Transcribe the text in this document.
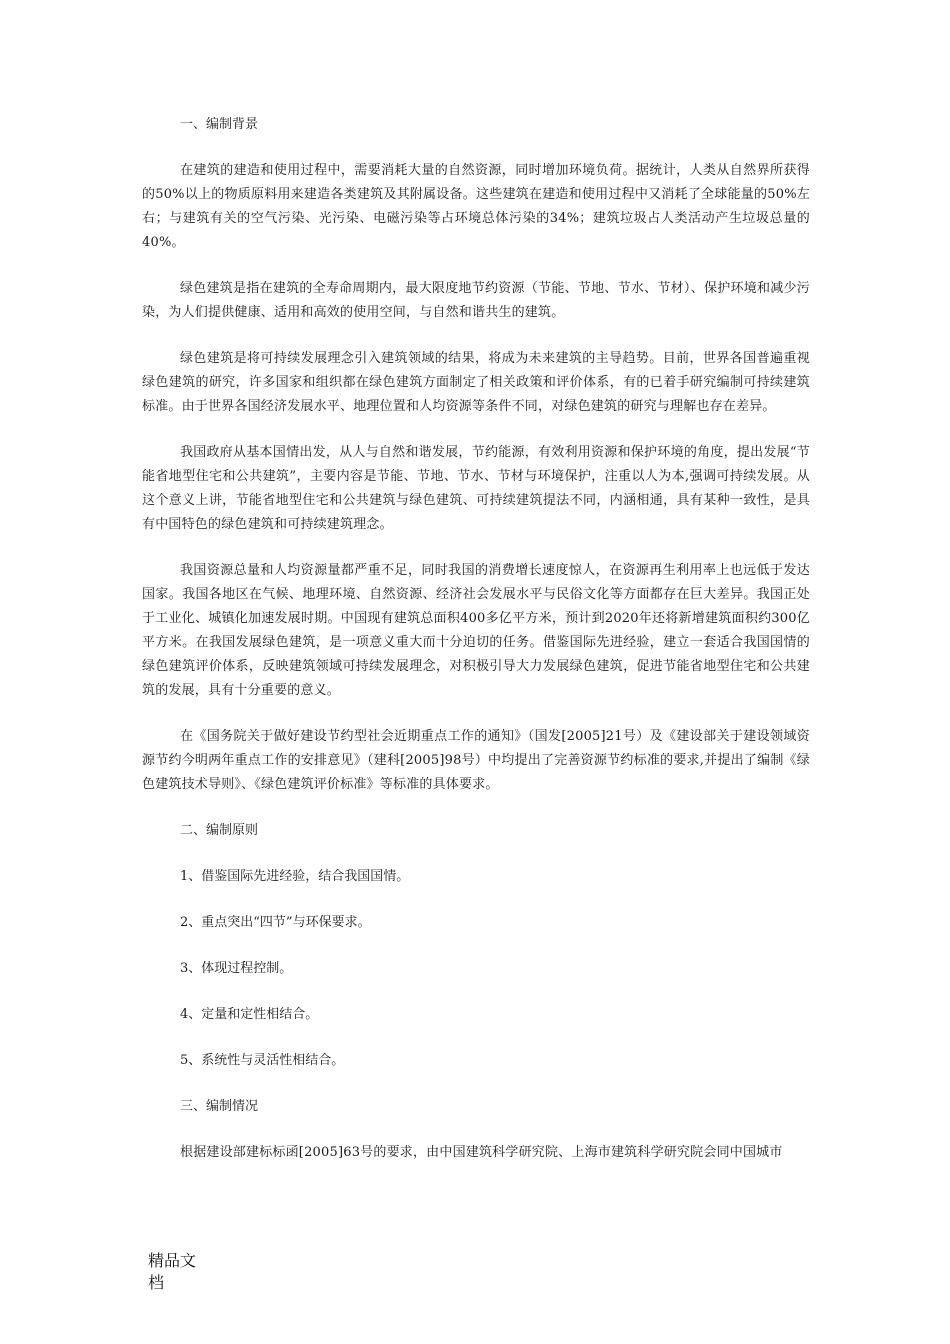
一、编制背景

在建筑的建造和使用过程中，需要消耗大量的自然资源，同时增加环境负荷。据统计，人类从自然界所获得的50%以上的物质原料用来建造各类建筑及其附属设备。这些建筑在建造和使用过程中又消耗了全球能量的50%左右；与建筑有关的空气污染、光污染、电磁污染等占环境总体污染的34%；建筑垃圾占人类活动产生垃圾总量的40%。

绿色建筑是指在建筑的全寿命周期内，最大限度地节约资源（节能、节地、节水、节材）、保护环境和减少污染，为人们提供健康、适用和高效的使用空间，与自然和谐共生的建筑。

绿色建筑是将可持续发展理念引入建筑领域的结果，将成为未来建筑的主导趋势。目前，世界各国普遍重视绿色建筑的研究，许多国家和组织都在绿色建筑方面制定了相关政策和评价体系，有的已着手研究编制可持续建筑标准。由于世界各国经济发展水平、地理位置和人均资源等条件不同，对绿色建筑的研究与理解也存在差异。

我国政府从基本国情出发，从人与自然和谐发展，节约能源，有效利用资源和保护环境的角度，提出发展“节能省地型住宅和公共建筑”，主要内容是节能、节地、节水、节材与环境保护，注重以人为本,强调可持续发展。从这个意义上讲，节能省地型住宅和公共建筑与绿色建筑、可持续建筑提法不同，内涵相通，具有某种一致性，是具有中国特色的绿色建筑和可持续建筑理念。

我国资源总量和人均资源量都严重不足，同时我国的消费增长速度惊人，在资源再生利用率上也远低于发达国家。我国各地区在气候、地理环境、自然资源、经济社会发展水平与民俗文化等方面都存在巨大差异。我国正处于工业化、城镇化加速发展时期。中国现有建筑总面积400多亿平方米，预计到2020年还将新增建筑面积约300亿平方米。在我国发展绿色建筑，是一项意义重大而十分迫切的任务。借鉴国际先进经验，建立一套适合我国国情的绿色建筑评价体系，反映建筑领域可持续发展理念，对积极引导大力发展绿色建筑，促进节能省地型住宅和公共建筑的发展，具有十分重要的意义。

在《国务院关于做好建设节约型社会近期重点工作的通知》（国发[2005]21号）及《建设部关于建设领域资源节约今明两年重点工作的安排意见》（建科[2005]98号）中均提出了完善资源节约标准的要求,并提出了编制《绿色建筑技术导则》、《绿色建筑评价标准》等标准的具体要求。

二、编制原则
1、借鉴国际先进经验，结合我国国情。
2、重点突出“四节”与环保要求。
3、体现过程控制。
4、定量和定性相结合。
5、系统性与灵活性相结合。
三、编制情况

根据建设部建标标函[2005]63号的要求，由中国建筑科学研究院、上海市建筑科学研究院会同中国城市

精品文档
